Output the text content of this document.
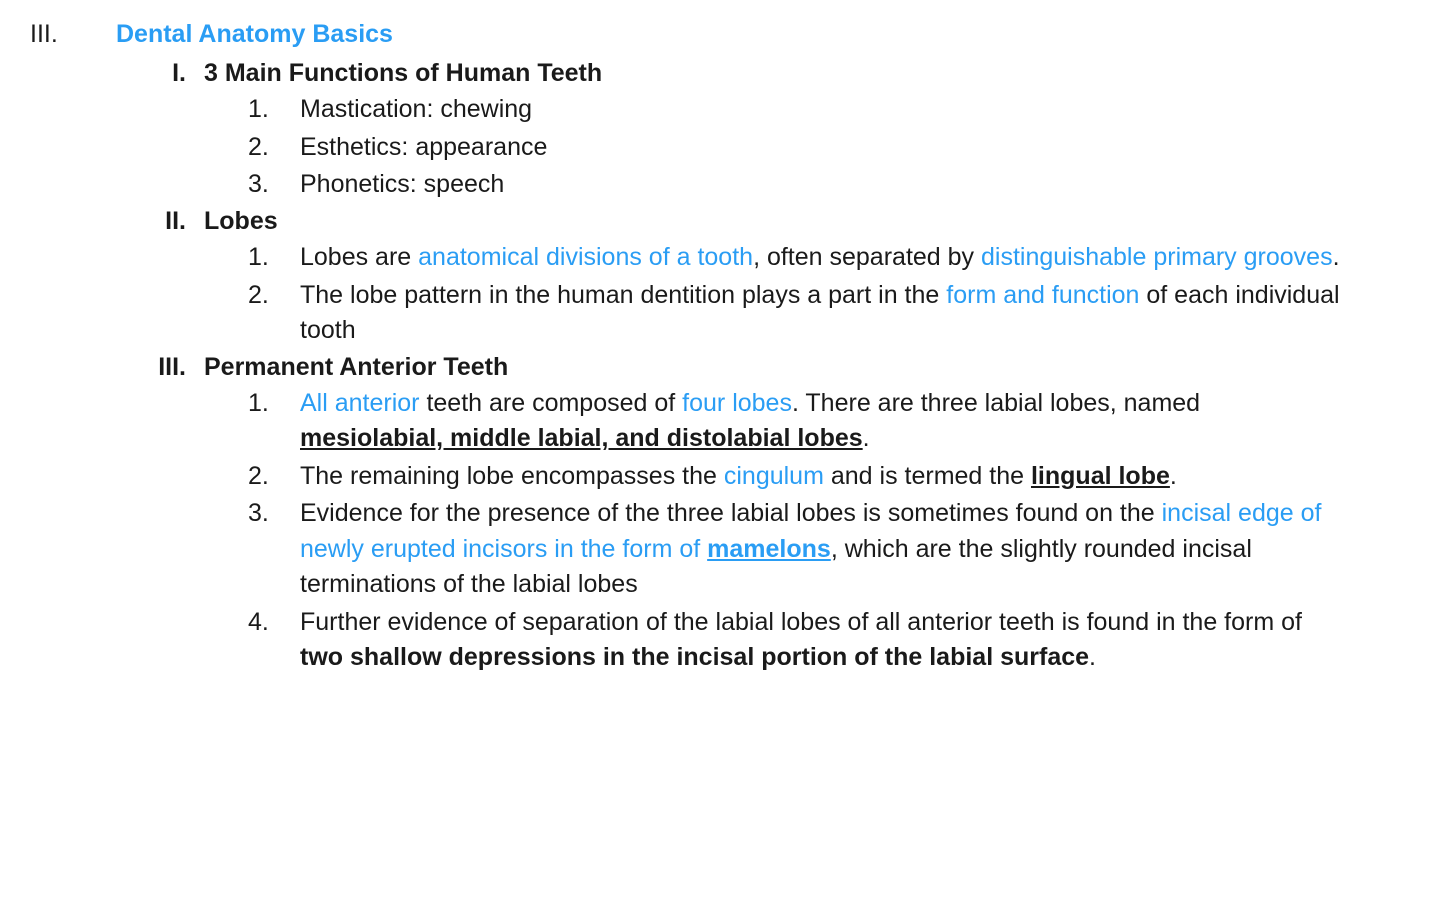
III.	Dental Anatomy Basics
I. 3 Main Functions of Human Teeth
1.	Mastication: chewing
2.	Esthetics: appearance
3.	Phonetics: speech
II. Lobes
1.	Lobes are anatomical divisions of a tooth, often separated by distinguishable primary grooves.
2.	The lobe pattern in the human dentition plays a part in the form and function of each individual tooth
III. Permanent Anterior Teeth
1.	All anterior teeth are composed of four lobes. There are three labial lobes, named mesiolabial, middle labial, and distolabial lobes.
2.	The remaining lobe encompasses the cingulum and is termed the lingual lobe.
3.	Evidence for the presence of the three labial lobes is sometimes found on the incisal edge of newly erupted incisors in the form of mamelons, which are the slightly rounded incisal terminations of the labial lobes
4.	Further evidence of separation of the labial lobes of all anterior teeth is found in the form of two shallow depressions in the incisal portion of the labial surface.
